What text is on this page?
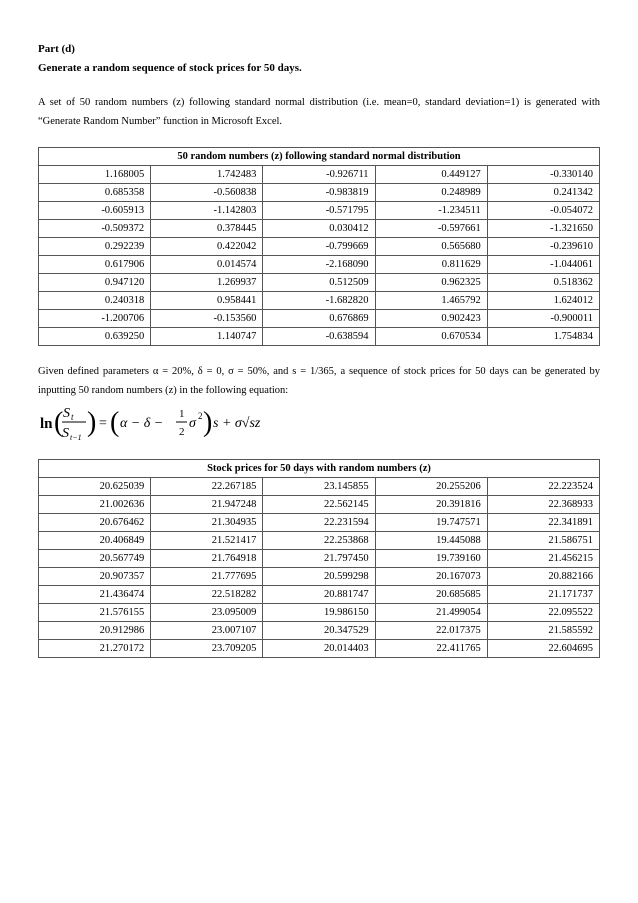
Part (d)

Generate a random sequence of stock prices for 50 days.

A set of 50 random numbers (z) following standard normal distribution (i.e. mean=0, standard deviation=1) is generated with “Generate Random Number” function in Microsoft Excel.

50 random numbers (z) following standard normal distribution				
1.168005	1.742483	-0.926711	0.449127	-0.330140
0.685358	-0.560838	-0.983819	0.248989	0.241342
-0.605913	-1.142803	-0.571795	-1.234511	-0.054072
-0.509372	0.378445	0.030412	-0.597661	-1.321650
0.292239	0.422042	-0.799669	0.565680	-0.239610
0.617906	0.014574	-2.168090	0.811629	-1.044061
0.947120	1.269937	0.512509	0.962325	0.518362
0.240318	0.958441	-1.682820	1.465792	1.624012
-1.200706	-0.153560	0.676869	0.902423	-0.900011
0.639250	1.140747	-0.638594	0.670534	1.754834

Given defined parameters α = 20%, δ = 0, σ = 50%, and s = 1/365, a sequence of stock prices for 50 days can be generated by inputting 50 random numbers (z) in the following equation:

ln ( S t
S t−1 ) = ( α − δ −
1
2
σ 2 ) s + σ√sz
Stock prices for 50 days with random numbers (z)				
20.625039	22.267185	23.145855	20.255206	22.223524
21.002636	21.947248	22.562145	20.391816	22.368933
20.676462	21.304935	22.231594	19.747571	22.341891
20.406849	21.521417	22.253868	19.445088	21.586751
20.567749	21.764918	21.797450	19.739160	21.456215
20.907357	21.777695	20.599298	20.167073	20.882166
21.436474	22.518282	20.881747	20.685685	21.171737
21.576155	23.095009	19.986150	21.499054	22.095522
20.912986	23.007107	20.347529	22.017375	21.585592
21.270172	23.709205	20.014403	22.411765	22.604695
